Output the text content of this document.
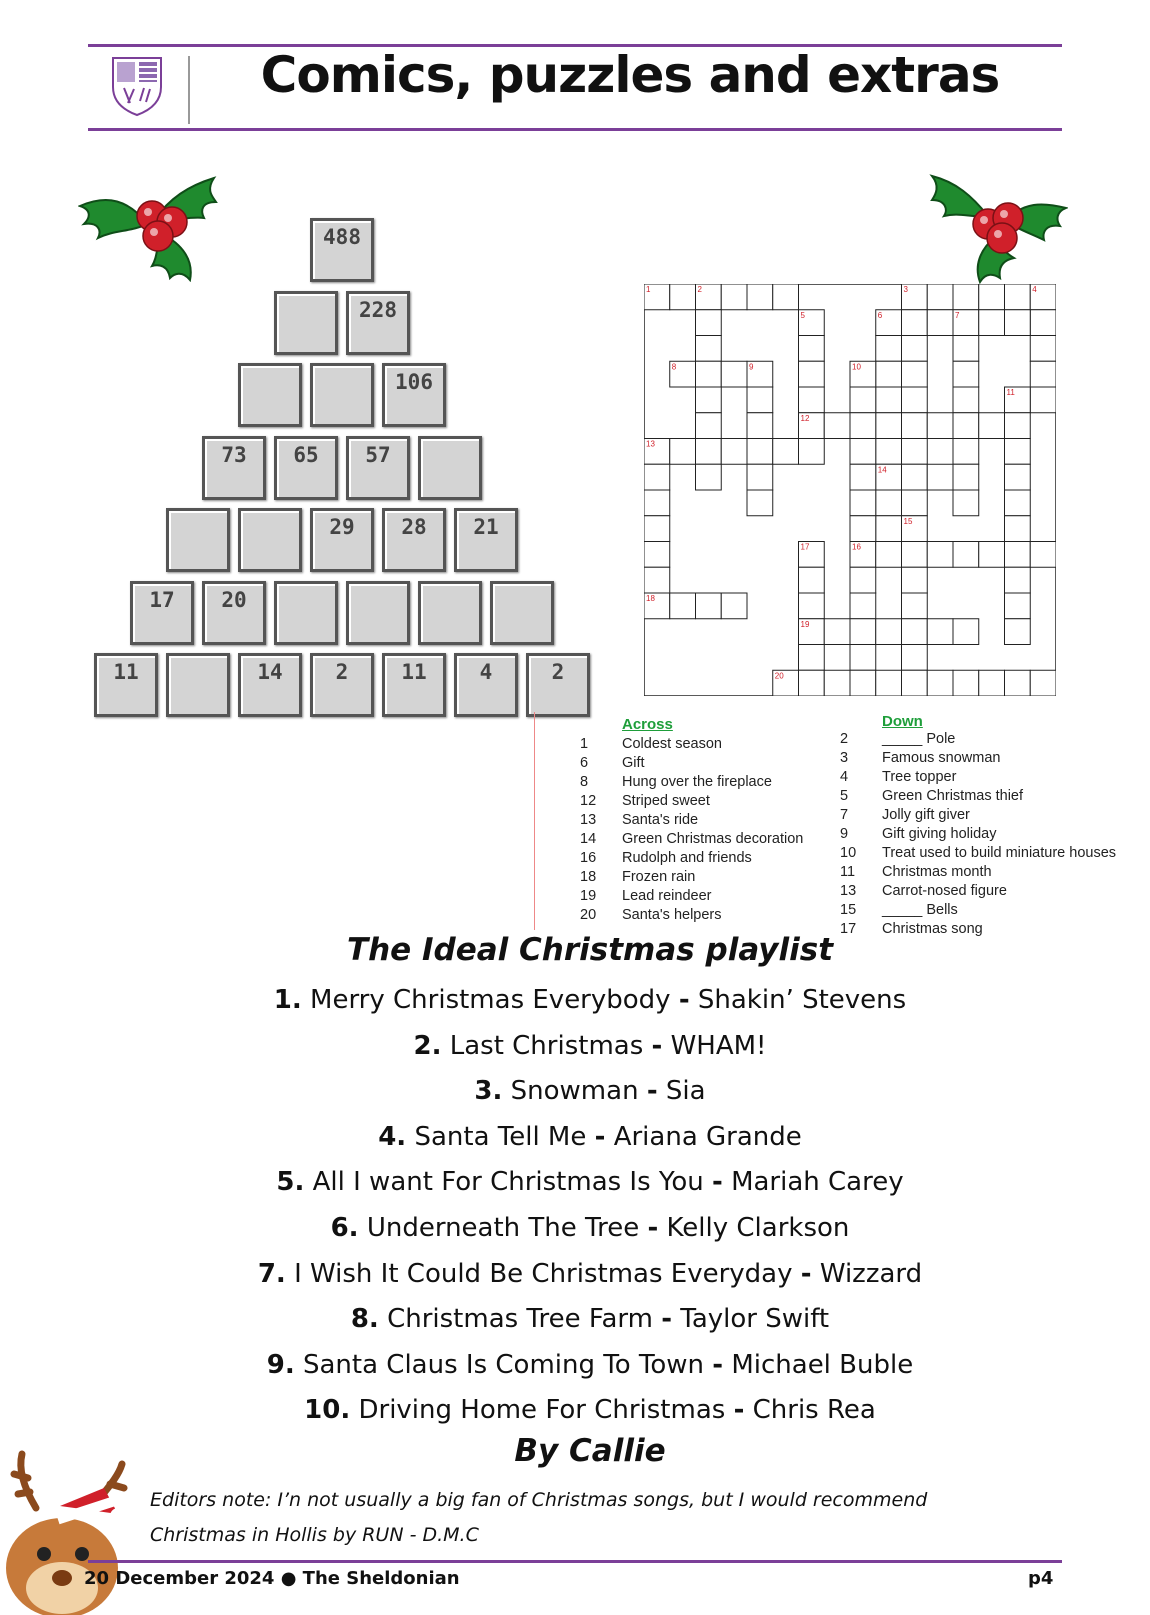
Comics, puzzles and extras
488
228
106
73	65	57
29	28	21
17	20
11	14	2	11	4	2
1	2	3	4
5	6	7
8	9	10
11
12
13
14
15
16
17
18
19
20
Across
1 Coldest season
6 Gift
8 Hung over the fireplace
12 Striped sweet
13 Santa's ride
14 Green Christmas decoration
16 Rudolph and friends
18 Frozen rain
19 Lead reindeer
20 Santa's helpers
Down
2 _____ Pole
3 Famous snowman
4 Tree topper
5 Green Christmas thief
7 Jolly gift giver
9 Gift giving holiday
10 Treat used to build miniature houses
11 Christmas month
13 Carrot-nosed figure
15 _____ Bells
17 Christmas song
The Ideal Christmas playlist
1. Merry Christmas Everybody - Shakin’ Stevens
2. Last Christmas - WHAM!
3. Snowman - Sia
4. Santa Tell Me - Ariana Grande
5. All I want For Christmas Is You - Mariah Carey
6. Underneath The Tree - Kelly Clarkson
7. I Wish It Could Be Christmas Everyday - Wizzard
8. Christmas Tree Farm - Taylor Swift
9. Santa Claus Is Coming To Town - Michael Buble
10. Driving Home For Christmas - Chris Rea
By Callie
Editors note: I’n not usually a big fan of Christmas songs, but I would recommend
Christmas in Hollis by RUN - D.M.C
20 December 2024 ● The Sheldonian	p4
